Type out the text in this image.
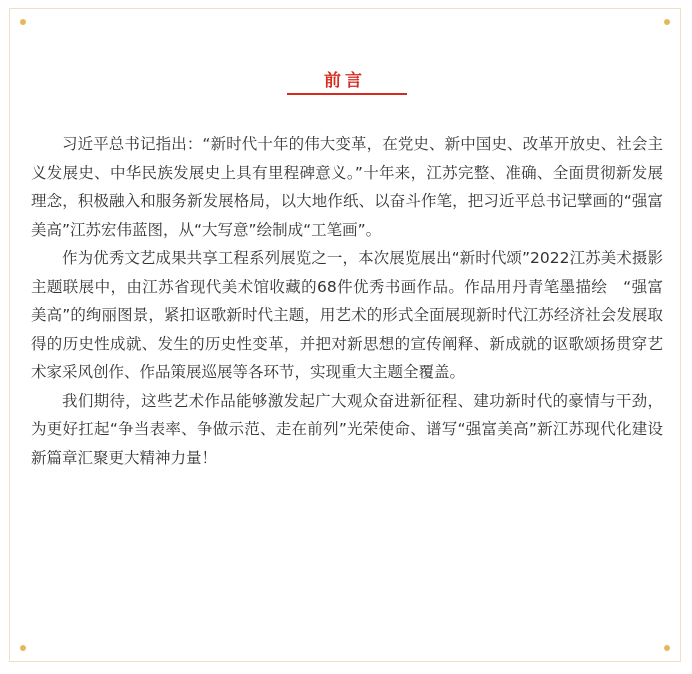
前言

习近平总书记指出：“新时代十年的伟大变革，在党史、新中国史、改革开放史、社会主义发展史、中华民族发展史上具有里程碑意义。”十年来，江苏完整、准确、全面贯彻新发展理念，积极融入和服务新发展格局，以大地作纸、以奋斗作笔，把习近平总书记擘画的“强富美高”江苏宏伟蓝图，从“大写意”绘制成“工笔画”。

作为优秀文艺成果共享工程系列展览之一，本次展览展出“新时代颂”2022江苏美术摄影主题联展中，由江苏省现代美术馆收藏的68件优秀书画作品。作品用丹青笔墨描绘　“强富美高”的绚丽图景，紧扣讴歌新时代主题，用艺术的形式全面展现新时代江苏经济社会发展取得的历史性成就、发生的历史性变革，并把对新思想的宣传阐释、新成就的讴歌颂扬贯穿艺术家采风创作、作品策展巡展等各环节，实现重大主题全覆盖。

我们期待，这些艺术作品能够激发起广大观众奋进新征程、建功新时代的豪情与干劲，为更好扛起“争当表率、争做示范、走在前列”光荣使命、谱写“强富美高”新江苏现代化建设新篇章汇聚更大精神力量！
